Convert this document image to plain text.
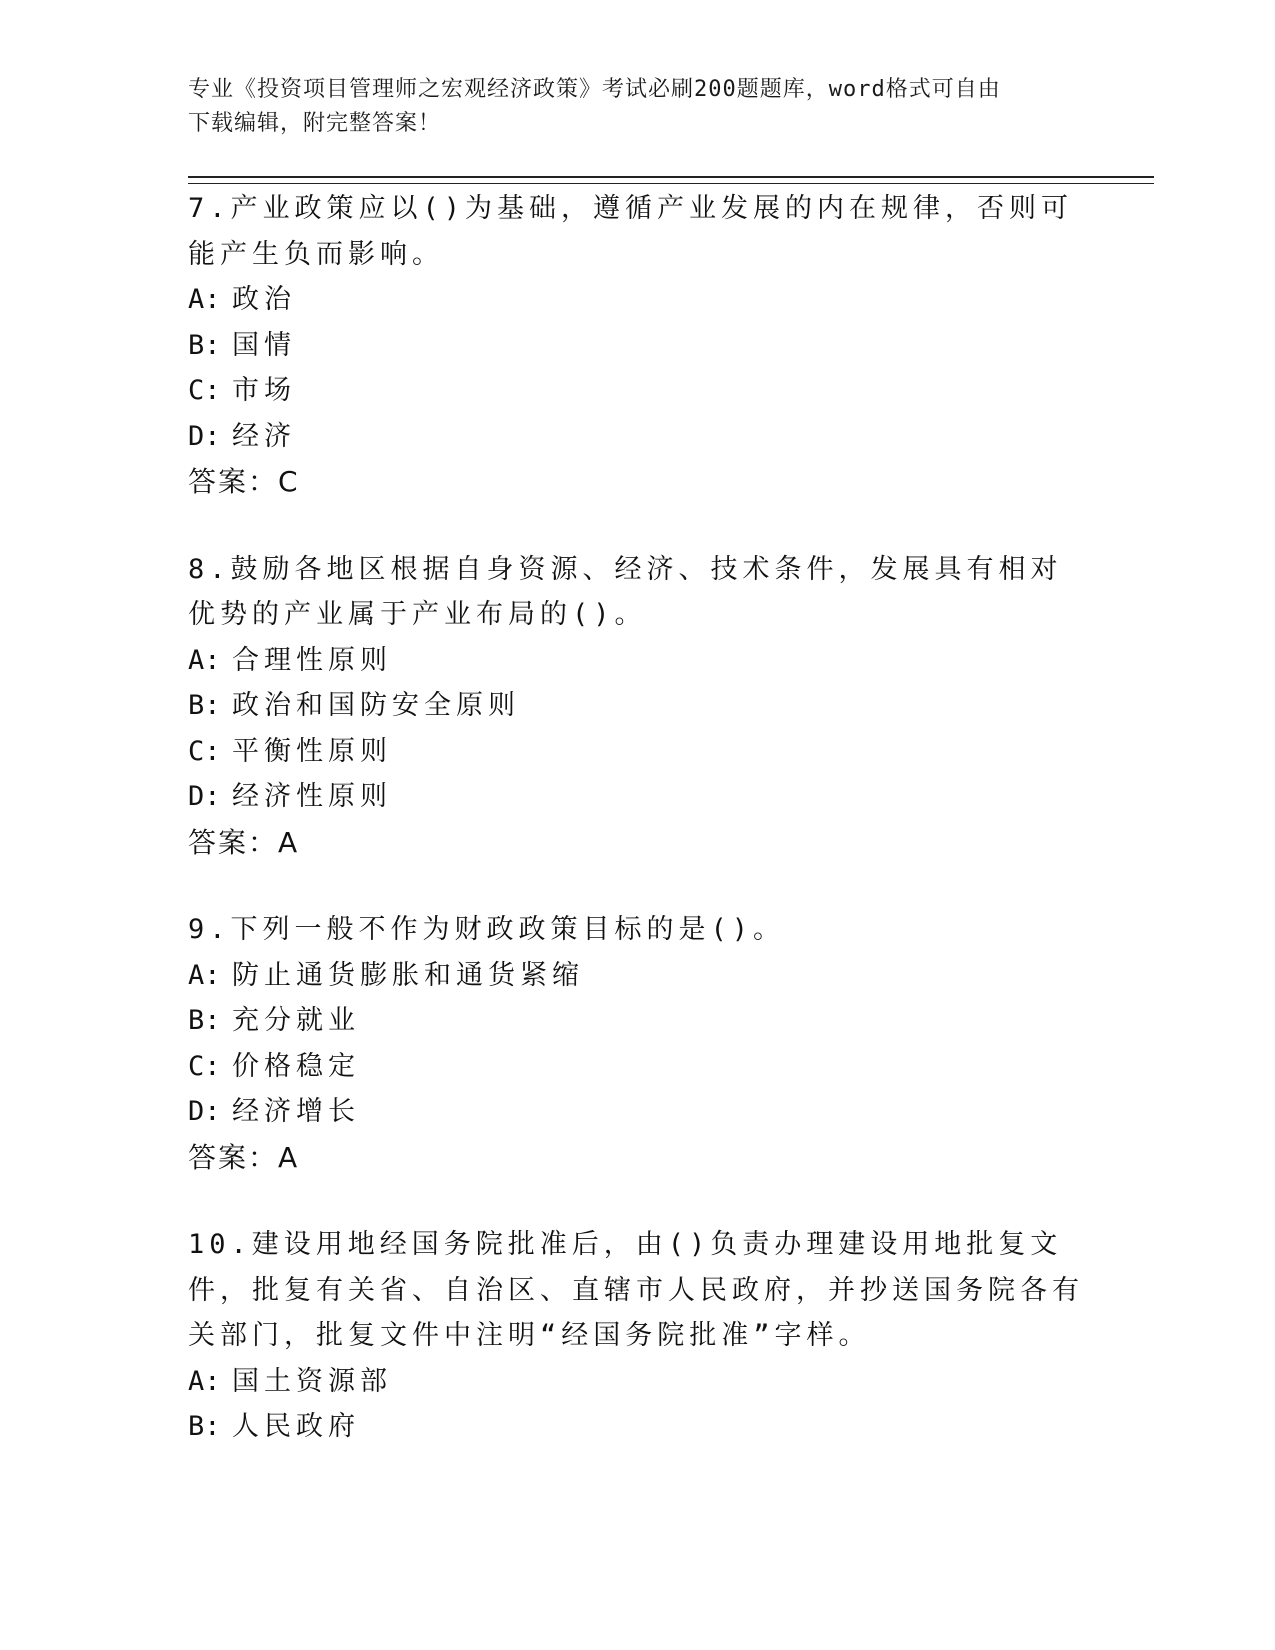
专业《投资项目管理师之宏观经济政策》考试必刷200题题库，word格式可自由
下载编辑，附完整答案！

7.产业政策应以()为基础，遵循产业发展的内在规律，否则可能产生负而影响。

A: 政治

B: 国情

C: 市场

D: 经济

答案：C

8.鼓励各地区根据自身资源、经济、技术条件，发展具有相对优势的产业属于产业布局的()。

A: 合理性原则

B: 政治和国防安全原则

C: 平衡性原则

D: 经济性原则

答案：A

9.下列一般不作为财政政策目标的是()。

A: 防止通货膨胀和通货紧缩

B: 充分就业

C: 价格稳定

D: 经济增长

答案：A

10.建设用地经国务院批准后，由()负责办理建设用地批复文件，批复有关省、自治区、直辖市人民政府，并抄送国务院各有关部门，批复文件中注明“经国务院批准”字样。

A: 国土资源部

B: 人民政府
